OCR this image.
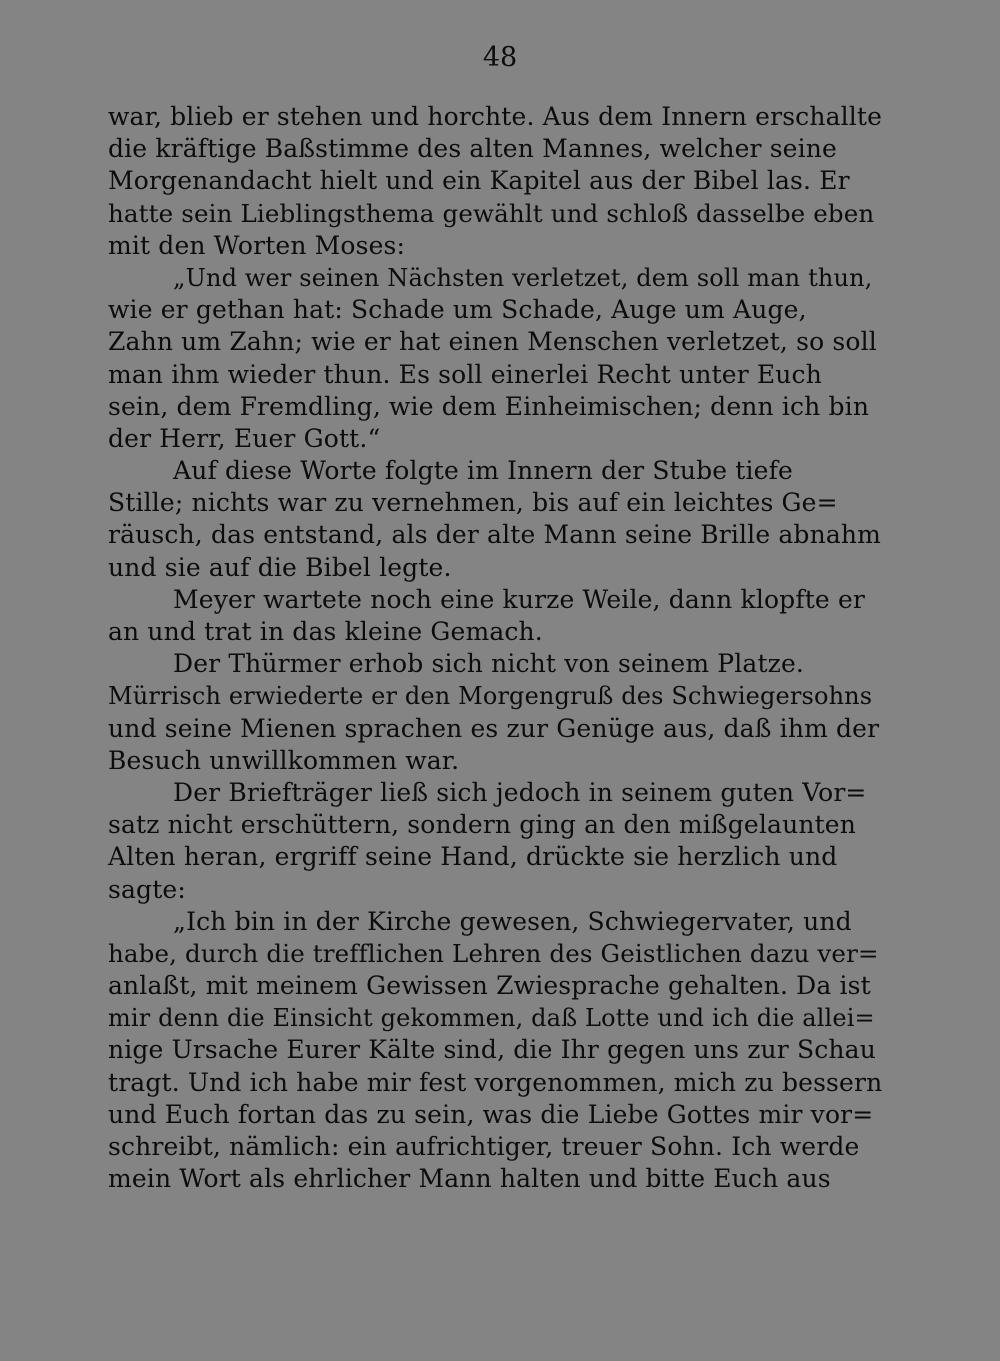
48
war, blieb er stehen und horchte. Aus dem Innern erschallte
die kräftige Baßstimme des alten Mannes, welcher seine
Morgenandacht hielt und ein Kapitel aus der Bibel las. Er
hatte sein Lieblingsthema gewählt und schloß dasselbe eben
mit den Worten Moses:
„Und wer seinen Nächsten verletzet, dem soll man thun,
wie er gethan hat: Schade um Schade, Auge um Auge,
Zahn um Zahn; wie er hat einen Menschen verletzet, so soll
man ihm wieder thun. Es soll einerlei Recht unter Euch
sein, dem Fremdling, wie dem Einheimischen; denn ich bin
der Herr, Euer Gott.“
Auf diese Worte folgte im Innern der Stube tiefe
Stille; nichts war zu vernehmen, bis auf ein leichtes Ge=
räusch, das entstand, als der alte Mann seine Brille abnahm
und sie auf die Bibel legte.
Meyer wartete noch eine kurze Weile, dann klopfte er
an und trat in das kleine Gemach.
Der Thürmer erhob sich nicht von seinem Platze.
Mürrisch erwiederte er den Morgengruß des Schwiegersohns
und seine Mienen sprachen es zur Genüge aus, daß ihm der
Besuch unwillkommen war.
Der Briefträger ließ sich jedoch in seinem guten Vor=
satz nicht erschüttern, sondern ging an den mißgelaunten
Alten heran, ergriff seine Hand, drückte sie herzlich und
sagte:
„Ich bin in der Kirche gewesen, Schwiegervater, und
habe, durch die trefflichen Lehren des Geistlichen dazu ver=
anlaßt, mit meinem Gewissen Zwiesprache gehalten. Da ist
mir denn die Einsicht gekommen, daß Lotte und ich die allei=
nige Ursache Eurer Kälte sind, die Ihr gegen uns zur Schau
tragt. Und ich habe mir fest vorgenommen, mich zu bessern
und Euch fortan das zu sein, was die Liebe Gottes mir vor=
schreibt, nämlich: ein aufrichtiger, treuer Sohn. Ich werde
mein Wort als ehrlicher Mann halten und bitte Euch aus
